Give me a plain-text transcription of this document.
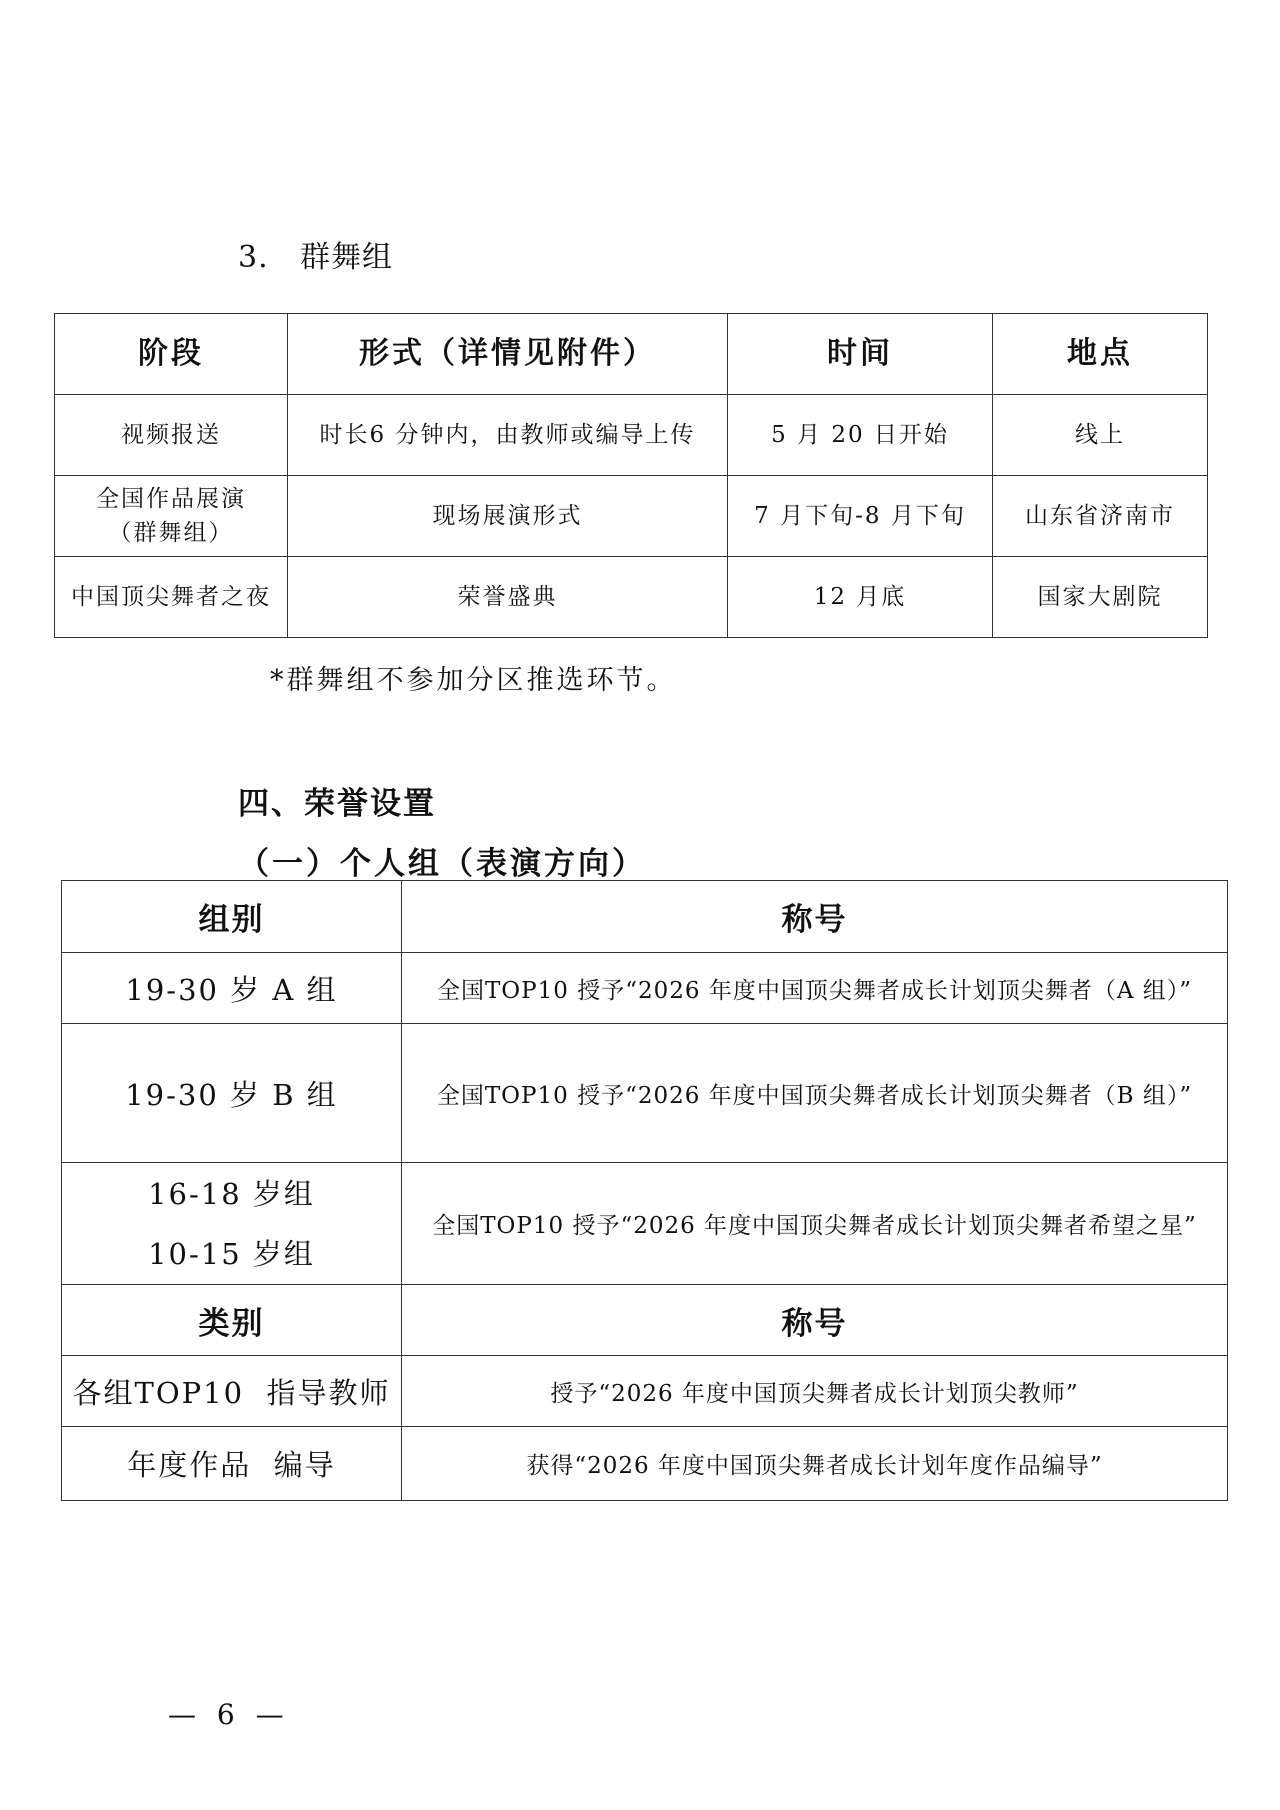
3. 群舞组
阶段	形式（详情见附件）	时间	地点

视频报送	时长6 分钟内，由教师或编导上传	5 月 20 日开始	线上

全国作品展演
（群舞组）	现场展演形式	7 月下旬-8 月下旬	山东省济南市

中国顶尖舞者之夜	荣誉盛典	12 月底	国家大剧院
*群舞组不参加分区推选环节。
四、荣誉设置
（一）个人组（表演方向）
组别	称号
19-30 岁 A 组	全国TOP10 授予“2026 年度中国顶尖舞者成长计划顶尖舞者（A 组）”
19-30 岁 B 组	全国TOP10 授予“2026 年度中国顶尖舞者成长计划顶尖舞者（B 组）”

16-18 岁组
10-15 岁组	全国TOP10 授予“2026 年度中国顶尖舞者成长计划顶尖舞者希望之星”
类别	称号
各组TOP10  指导教师	授予“2026 年度中国顶尖舞者成长计划顶尖教师”
年度作品  编导	获得“2026 年度中国顶尖舞者成长计划年度作品编导”
— 6 —
